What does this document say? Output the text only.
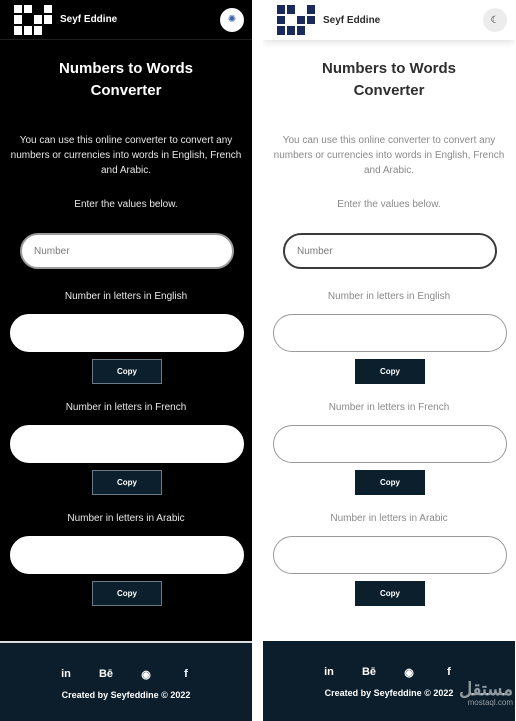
Seyf Eddine	✺
Numbers to Words Converter

You can use this online converter to convert any numbers or currencies into words in English, French and Arabic.

Enter the values below.

Number

Number in letters in English

Copy

Number in letters in French

Copy

Number in letters in Arabic

Copy
in	Bē	◉	f

Created by Seyfeddine © 2022

Seyf Eddine	☾
Numbers to Words Converter

You can use this online converter to convert any numbers or currencies into words in English, French and Arabic.

Enter the values below.

Number

Number in letters in English

Copy

Number in letters in French

Copy

Number in letters in Arabic

Copy
in	Bē	◉	f

Created by Seyfeddine © 2022 مستقل
mostaql.com
